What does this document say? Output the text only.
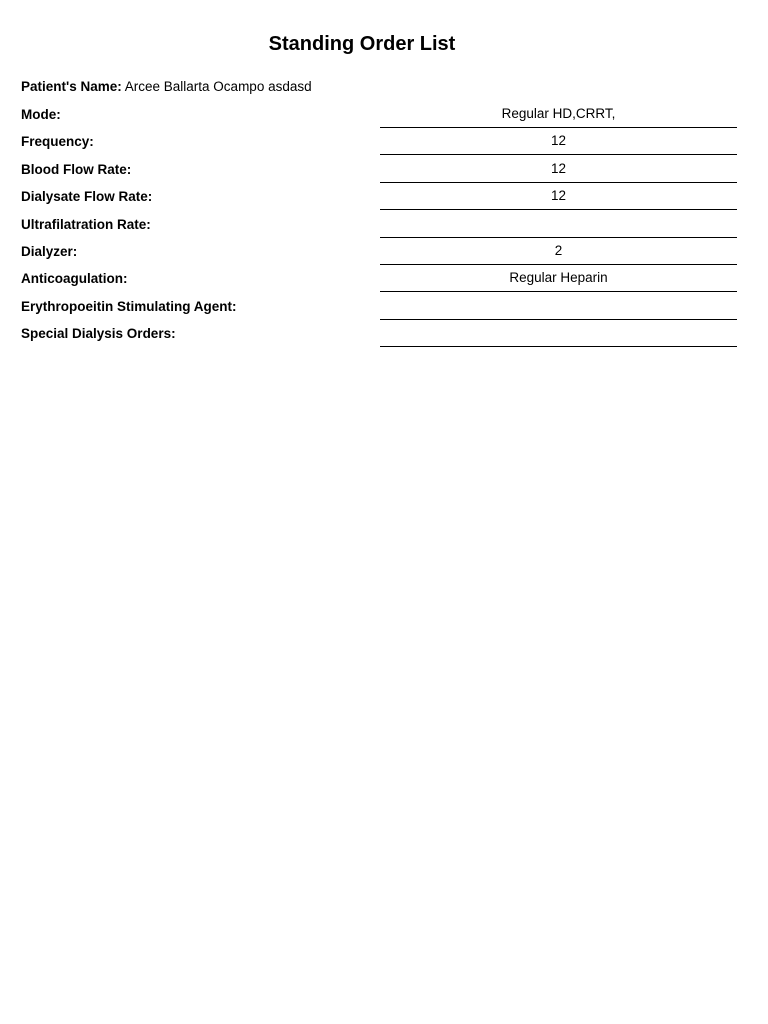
Standing Order List
Patient's Name: Arcee Ballarta Ocampo asdasd
Mode:	Regular HD,CRRT,
Frequency:	12
Blood Flow Rate:	12
Dialysate Flow Rate:	12
Ultrafilatration Rate:
Dialyzer:	2
Anticoagulation:	Regular Heparin
Erythropoeitin Stimulating Agent:
Special Dialysis Orders:
